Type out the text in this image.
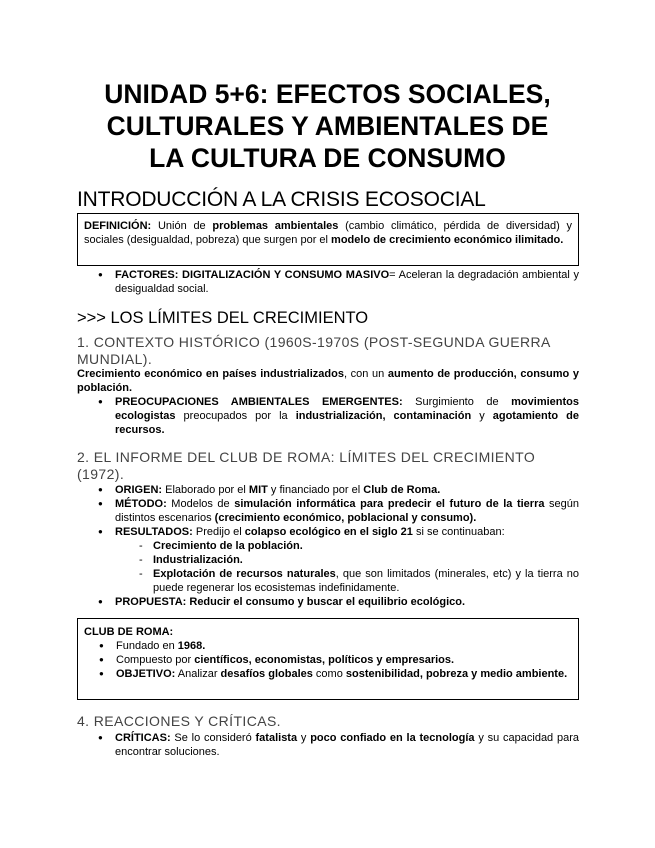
UNIDAD 5+6: EFECTOS SOCIALES,
CULTURALES Y AMBIENTALES DE
LA CULTURA DE CONSUMO
INTRODUCCIÓN A LA CRISIS ECOSOCIAL
DEFINICIÓN: Unión de problemas ambientales (cambio climático, pérdida de diversidad) y sociales (desigualdad, pobreza) que surgen por el modelo de crecimiento económico ilimitado.
● FACTORES: DIGITALIZACIÓN Y CONSUMO MASIVO= Aceleran la degradación ambiental y desigualdad social.
>>> LOS LÍMITES DEL CRECIMIENTO
1. CONTEXTO HISTÓRICO (1960S-1970S (POST-SEGUNDA GUERRA MUNDIAL).

Crecimiento económico en países industrializados, con un aumento de producción, consumo y población.

● PREOCUPACIONES AMBIENTALES EMERGENTES: Surgimiento de movimientos ecologistas preocupados por la industrialización, contaminación y agotamiento de recursos.
2. EL INFORME DEL CLUB DE ROMA: LÍMITES DEL CRECIMIENTO (1972).
● ORIGEN: Elaborado por el MIT y financiado por el Club de Roma.
● MÉTODO: Modelos de simulación informática para predecir el futuro de la tierra según distintos escenarios (crecimiento económico, poblacional y consumo).
● RESULTADOS: Predijo el colapso ecológico en el siglo 21 si se continuaban:
- Crecimiento de la población.
- Industrialización.
- Explotación de recursos naturales, que son limitados (minerales, etc) y la tierra no puede regenerar los ecosistemas indefinidamente.
● PROPUESTA: Reducir el consumo y buscar el equilibrio ecológico.
CLUB DE ROMA:
● Fundado en 1968.
● Compuesto por científicos, economistas, políticos y empresarios.
● OBJETIVO: Analizar desafíos globales como sostenibilidad, pobreza y medio ambiente.
4. REACCIONES Y CRÍTICAS.
● CRÍTICAS: Se lo consideró fatalista y poco confiado en la tecnología y su capacidad para encontrar soluciones.
